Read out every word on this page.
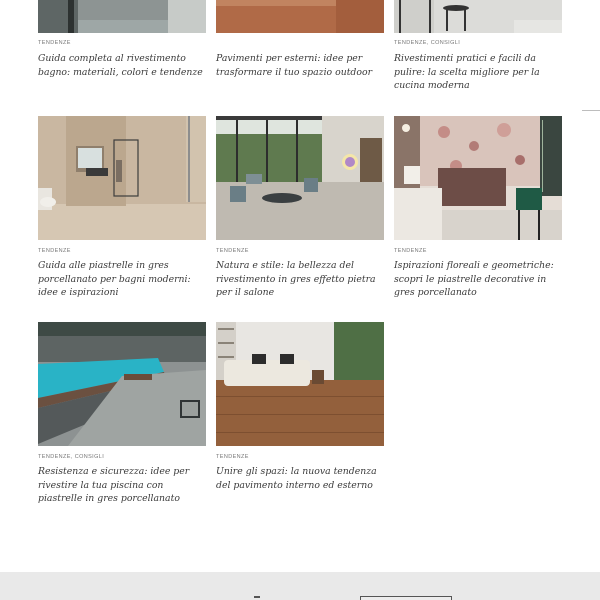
TENDENZE
Guida completa al rivestimento bagno: materiali, colori e tendenze
Pavimenti per esterni: idee per trasformare il tuo spazio outdoor
TENDENZE, CONSIGLI
Rivestimenti pratici e facili da pulire: la scelta migliore per la cucina moderna
TENDENZE
Guida alle piastrelle in gres porcellanato per bagni moderni: idee e ispirazioni
TENDENZE
Natura e stile: la bellezza del rivestimento in gres effetto pietra per il salone
TENDENZE
Ispirazioni floreali e geometriche: scopri le piastrelle decorative in gres porcellanato
TENDENZE, CONSIGLI
Resistenza e sicurezza: idee per rivestire la tua piscina con piastrelle in gres porcellanato
TENDENZE
Unire gli spazi: la nuova tendenza del pavimento interno ed esterno
